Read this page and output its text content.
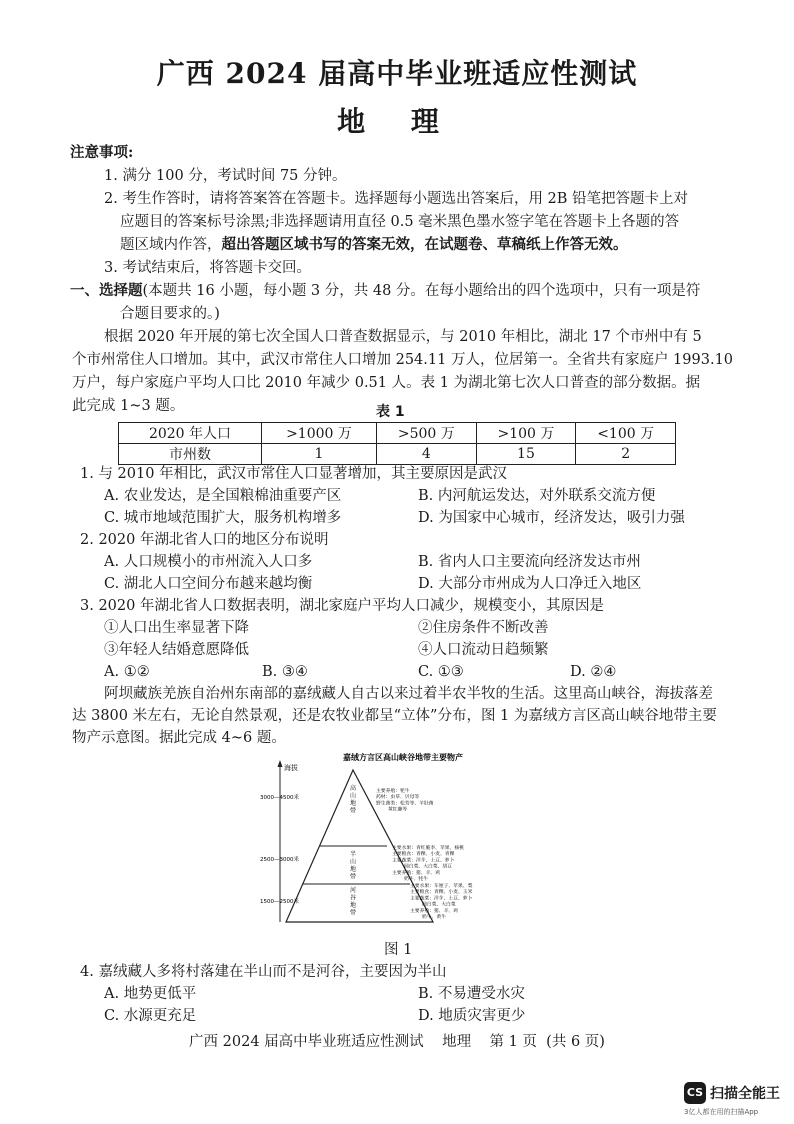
广西 2024 届高中毕业班适应性测试
地 理
注意事项:
1. 满分 100 分，考试时间 75 分钟。
2. 考生作答时，请将答案答在答题卡。选择题每小题选出答案后，用 2B 铅笔把答题卡上对
应题目的答案标号涂黑;非选择题请用直径 0.5 毫米黑色墨水签字笔在答题卡上各题的答
题区域内作答，超出答题区域书写的答案无效，在试题卷、草稿纸上作答无效。
3. 考试结束后，将答题卡交回。
一、选择题(本题共 16 小题，每小题 3 分，共 48 分。在每小题给出的四个选项中，只有一项是符
合题目要求的。)
根据 2020 年开展的第七次全国人口普查数据显示，与 2010 年相比，湖北 17 个市州中有 5
个市州常住人口增加。其中，武汉市常住人口增加 254.11 万人，位居第一。全省共有家庭户 1993.10
万户，每户家庭户平均人口比 2010 年减少 0.51 人。表 1 为湖北第七次人口普查的部分数据。据
此完成 1~3 题。	表 1
2020 年人口	>1000 万	>500 万	>100 万	<100 万
市州数	1	4	15	2
1. 与 2010 年相比，武汉市常住人口显著增加，其主要原因是武汉
A. 农业发达，是全国粮棉油重要产区	B. 内河航运发达，对外联系交流方便
C. 城市地域范围扩大，服务机构增多	D. 为国家中心城市，经济发达，吸引力强
2. 2020 年湖北省人口的地区分布说明
A. 人口规模小的市州流入人口多	B. 省内人口主要流向经济发达市州
C. 湖北人口空间分布越来越均衡	D. 大部分市州成为人口净迁入地区
3. 2020 年湖北省人口数据表明，湖北家庭户平均人口减少，规模变小，其原因是
①人口出生率显著下降	②住房条件不断改善
③年轻人结婚意愿降低	④人口流动日趋频繁
A. ①②	B. ③④	C. ①③	D. ②④
阿坝藏族羌族自治州东南部的嘉绒藏人自古以来过着半农半牧的生活。这里高山峡谷，海拔落差
达 3800 米左右，无论自然景观，还是农牧业都呈“立体”分布，图 1 为嘉绒方言区高山峡谷地带主要
物产示意图。据此完成 4~6 题。
嘉绒方言区高山峡谷地带主要物产
海拔
3000—4500米
2500—3000米
1500—2500米
高山地带
半山地带
河谷地带
主要养殖：牦牛药材：虫草、贝母等野生菌类：松茸等、羊肚菌黄红藤等
主要水果：青红脆李、苹果、核桃主要粮食：青稞、小麦、青稞主要蔬菜：洋芋、土豆、萝卜圆白菜、大白菜、胡豆主要养殖：猪、羊、鸡奶牛、牦牛
主要水果：车厘子、苹果、梨主要粮食：青稞、小麦、玉米主要蔬菜：洋芋、土豆、萝卜圆白菜、大白菜主要养殖：猪、羊、鸡奶牛、黄牛
图 1
4. 嘉绒藏人多将村落建在半山而不是河谷，主要因为半山
A. 地势更低平	B. 不易遭受水灾
C. 水源更充足	D. 地质灾害更少
广西 2024 届高中毕业班适应性测试    地理    第 1 页  (共 6 页)
CS 扫描全能王
3亿人都在用的扫描App
